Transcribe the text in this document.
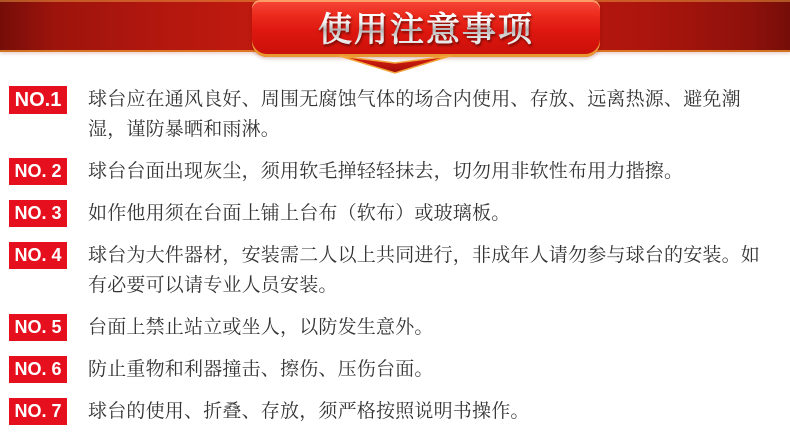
使用注意事项
NO.1 球台应在通风良好、周围无腐蚀气体的场合内使用、存放、远离热源、避免潮湿，谨防暴晒和雨淋。

NO. 2 球台台面出现灰尘，须用软毛掸轻轻抹去，切勿用非软性布用力揩擦。

NO. 3 如作他用须在台面上铺上台布（软布）或玻璃板。

NO. 4 球台为大件器材，安装需二人以上共同进行，非成年人请勿参与球台的安装。如有必要可以请专业人员安装。

NO. 5 台面上禁止站立或坐人，以防发生意外。

NO. 6 防止重物和利器撞击、擦伤、压伤台面。

NO. 7 球台的使用、折叠、存放，须严格按照说明书操作。
